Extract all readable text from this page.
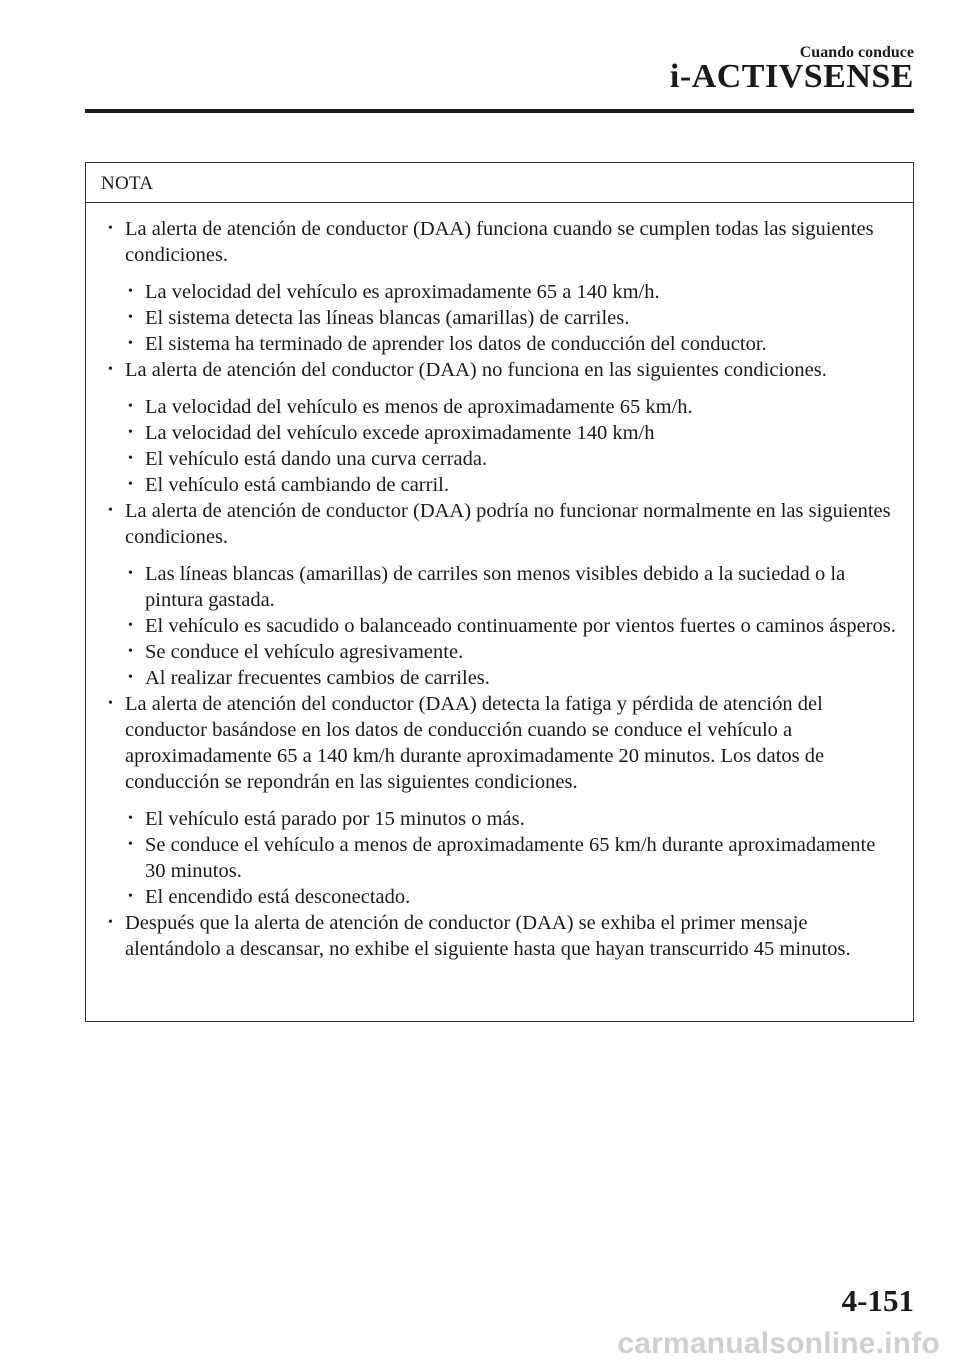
Cuando conduce
i-ACTIVSENSE
NOTA
• La alerta de atención de conductor (DAA) funciona cuando se cumplen todas las siguientes condiciones.
• La velocidad del vehículo es aproximadamente 65 a 140 km/h.
• El sistema detecta las líneas blancas (amarillas) de carriles.
• El sistema ha terminado de aprender los datos de conducción del conductor.
• La alerta de atención del conductor (DAA) no funciona en las siguientes condiciones.
• La velocidad del vehículo es menos de aproximadamente 65 km/h.
• La velocidad del vehículo excede aproximadamente 140 km/h
• El vehículo está dando una curva cerrada.
• El vehículo está cambiando de carril.
• La alerta de atención de conductor (DAA) podría no funcionar normalmente en las siguientes condiciones.
• Las líneas blancas (amarillas) de carriles son menos visibles debido a la suciedad o la pintura gastada.
• El vehículo es sacudido o balanceado continuamente por vientos fuertes o caminos ásperos.
• Se conduce el vehículo agresivamente.
• Al realizar frecuentes cambios de carriles.
• La alerta de atención del conductor (DAA) detecta la fatiga y pérdida de atención del conductor basándose en los datos de conducción cuando se conduce el vehículo a aproximadamente 65 a 140 km/h durante aproximadamente 20 minutos. Los datos de conducción se repondrán en las siguientes condiciones.
• El vehículo está parado por 15 minutos o más.
• Se conduce el vehículo a menos de aproximadamente 65 km/h durante aproximadamente 30 minutos.
• El encendido está desconectado.
• Después que la alerta de atención de conductor (DAA) se exhiba el primer mensaje alentándolo a descansar, no exhibe el siguiente hasta que hayan transcurrido 45 minutos.
4-151
carmanualsonline.info
